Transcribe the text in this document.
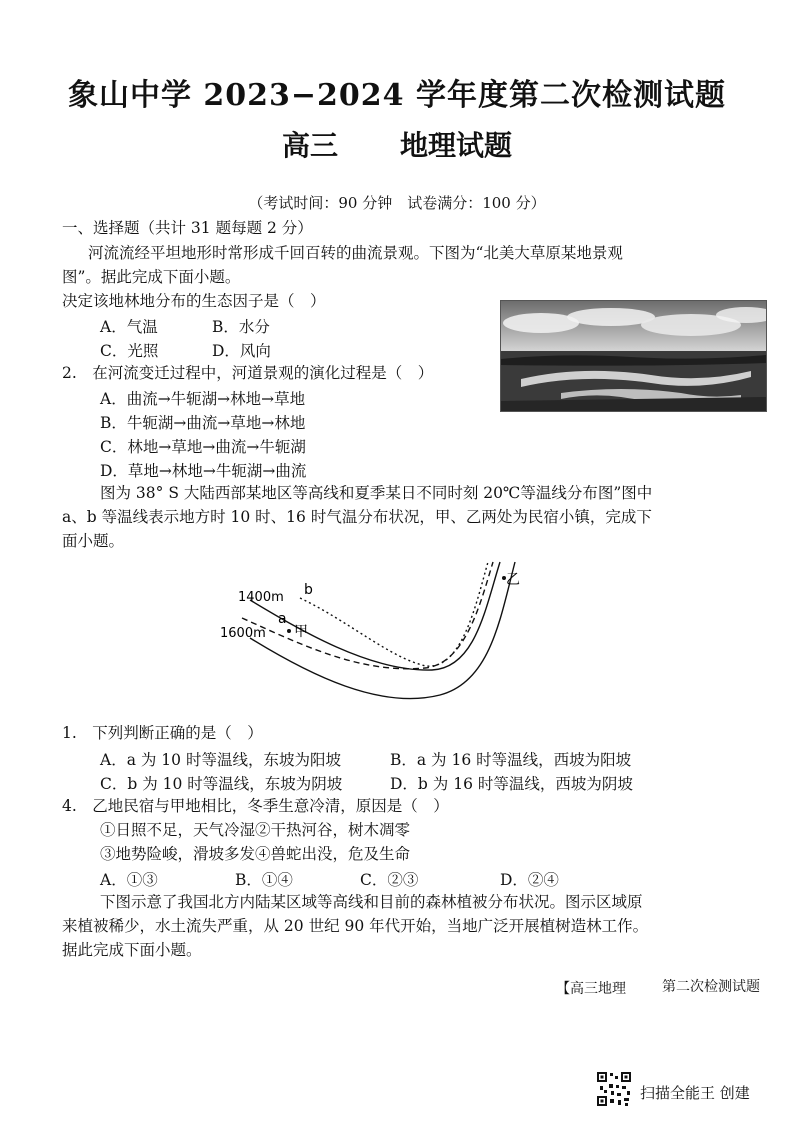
象山中学 2023−2024 学年度第二次检测试题
高三 地理试题
（考试时间：90 分钟　试卷满分：100 分）
一、选择题（共计 31 题每题 2 分）
河流流经平坦地形时常形成千回百转的曲流景观。下图为“北美大草原某地景观
图”。据此完成下面小题。
决定该地林地分布的生态因子是（　）
A．气温	B．水分
C．光照	D．风向
2.　在河流变迁过程中，河道景观的演化过程是（　）
A．曲流→牛轭湖→林地→草地
B．牛轭湖→曲流→草地→林地
C．林地→草地→曲流→牛轭湖
D．草地→林地→牛轭湖→曲流
图为 38° S 大陆西部某地区等高线和夏季某日不同时刻 20℃等温线分布图”图中
a、b 等温线表示地方时 10 时、16 时气温分布状况，甲、乙两处为民宿小镇，完成下
面小题。
1400m
1600m
b
a
甲
乙
1.　下列判断正确的是（　）
A．a 为 10 时等温线，东坡为阳坡	B．a 为 16 时等温线，西坡为阳坡
C．b 为 10 时等温线，东坡为阴坡	D．b 为 16 时等温线，西坡为阴坡
4.　乙地民宿与甲地相比，冬季生意冷清，原因是（　）
①日照不足，天气冷湿②干热河谷，树木凋零
③地势险峻，滑坡多发④兽蛇出没，危及生命
A．①③	B．①④	C．②③	D．②④
下图示意了我国北方内陆某区域等高线和目前的森林植被分布状况。图示区域原
来植被稀少，水土流失严重，从 20 世纪 90 年代开始，当地广泛开展植树造林工作。
据此完成下面小题。
【高三地理	第二次检测试题
扫描全能王 创建
